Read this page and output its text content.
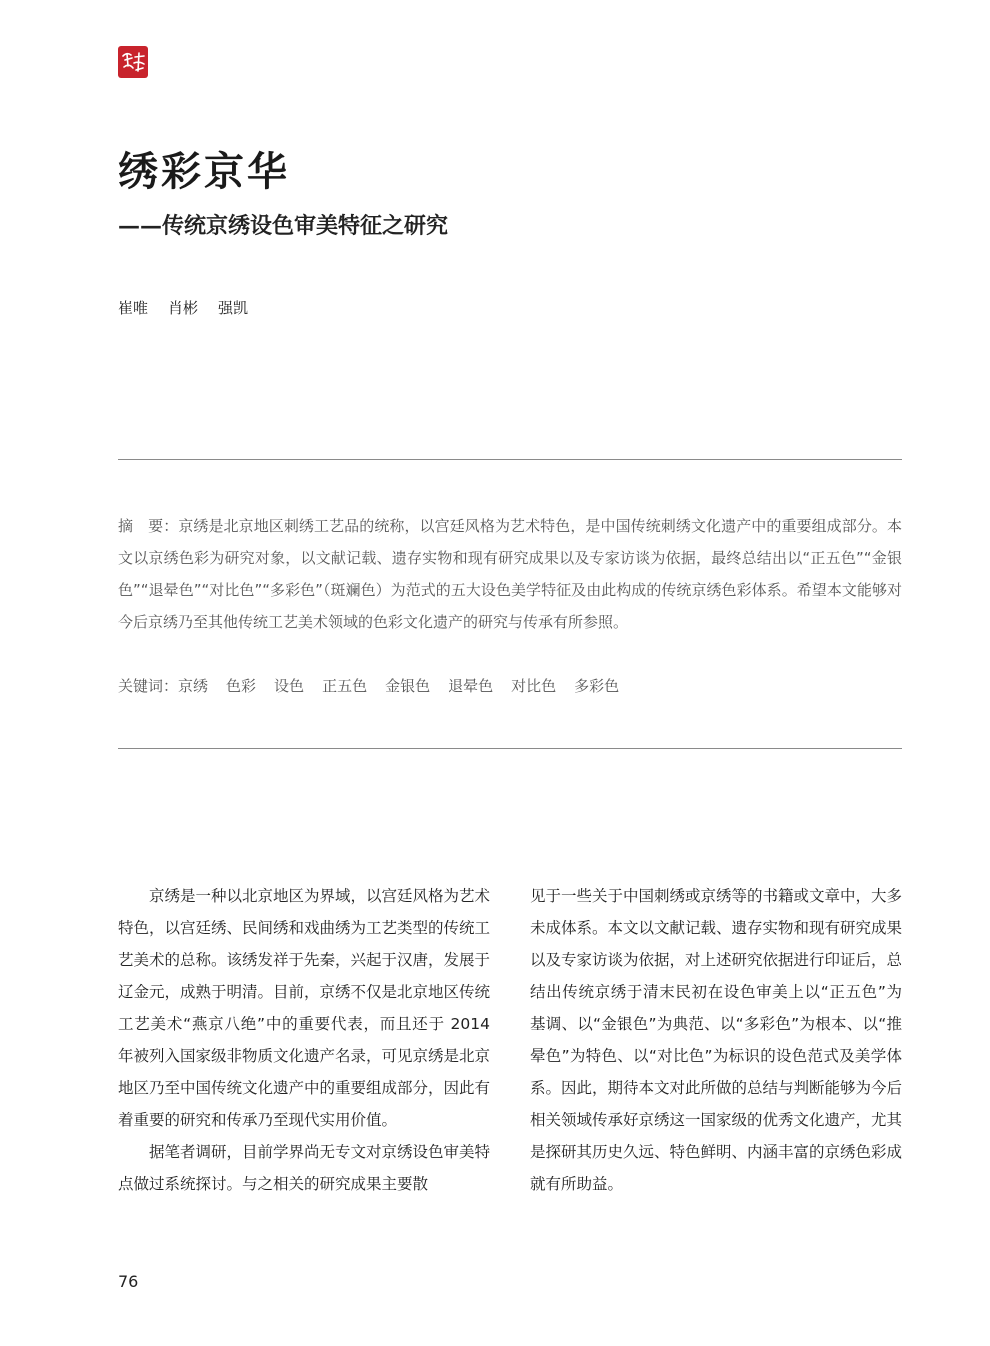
绣彩京华
——传统京绣设色审美特征之研究
崔唯 肖彬 强凯

摘　要：京绣是北京地区刺绣工艺品的统称，以宫廷风格为艺术特色，是中国传统刺绣文化遗产中的重要组成部分。本文以京绣色彩为研究对象，以文献记载、遗存实物和现有研究成果以及专家访谈为依据，最终总结出以“正五色”“金银色”“退晕色”“对比色”“多彩色”（斑斓色）为范式的五大设色美学特征及由此构成的传统京绣色彩体系。希望本文能够对今后京绣乃至其他传统工艺美术领域的色彩文化遗产的研究与传承有所参照。

关键词：京绣 色彩 设色 正五色 金银色 退晕色 对比色 多彩色

京绣是一种以北京地区为界域，以宫廷风格为艺术特色，以宫廷绣、民间绣和戏曲绣为工艺类型的传统工艺美术的总称。该绣发祥于先秦，兴起于汉唐，发展于辽金元，成熟于明清。目前，京绣不仅是北京地区传统工艺美术“燕京八绝”中的重要代表，而且还于 2014 年被列入国家级非物质文化遗产名录，可见京绣是北京地区乃至中国传统文化遗产中的重要组成部分，因此有着重要的研究和传承乃至现代实用价值。

据笔者调研，目前学界尚无专文对京绣设色审美特点做过系统探讨。与之相关的研究成果主要散

见于一些关于中国刺绣或京绣等的书籍或文章中，大多未成体系。本文以文献记载、遗存实物和现有研究成果以及专家访谈为依据，对上述研究依据进行印证后，总结出传统京绣于清末民初在设色审美上以“正五色”为基调、以“金银色”为典范、以“多彩色”为根本、以“推晕色”为特色、以“对比色”为标识的设色范式及美学体系。因此，期待本文对此所做的总结与判断能够为今后相关领域传承好京绣这一国家级的优秀文化遗产，尤其是探研其历史久远、特色鲜明、内涵丰富的京绣色彩成就有所助益。

76
